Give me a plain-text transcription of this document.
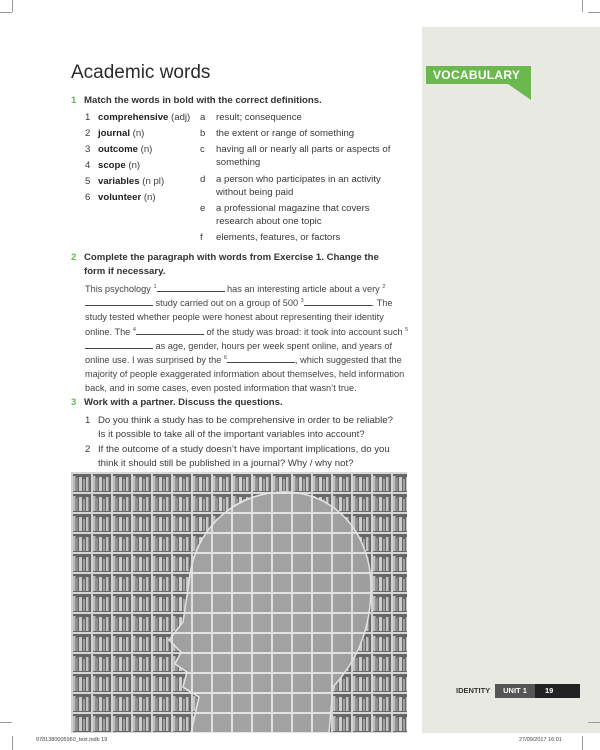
VOCABULARY
Academic words
1 Match the words in bold with the correct definitions.
1 comprehensive (adj)
2 journal (n)
3 outcome (n)
4 scope (n)
5 variables (n pl)
6 volunteer (n)
a result; consequence
b the extent or range of something
c having all or nearly all parts or aspects of something
d a person who participates in an activity without being paid
e a professional magazine that covers research about one topic
f elements, features, or factors
2 Complete the paragraph with words from Exercise 1. Change the form if necessary.
This psychology $^1$	has an interesting article about a very $^2$ study carried out on a group of 500 $^3$	. The study tested whether people were honest about representing their identity online. The $^4$	of the study was broad: it took into account such $^5$ as age, gender, hours per week spent online, and years of online use. I was surprised by the $^6$	, which suggested that the majority of people exaggerated information about themselves, held information back, and in some cases, even posted information that wasn’t true.
3 Work with a partner. Discuss the questions.
1 Do you think a study has to be comprehensive in order to be reliable? Is it possible to take all of the important variables into account?
2 If the outcome of a study doesn’t have important implications, do you think it should still be published in a journal? Why / why not?
IDENTITY	UNIT 1	19
9781380005960_text.indb 19	27/09/2017 16:01
